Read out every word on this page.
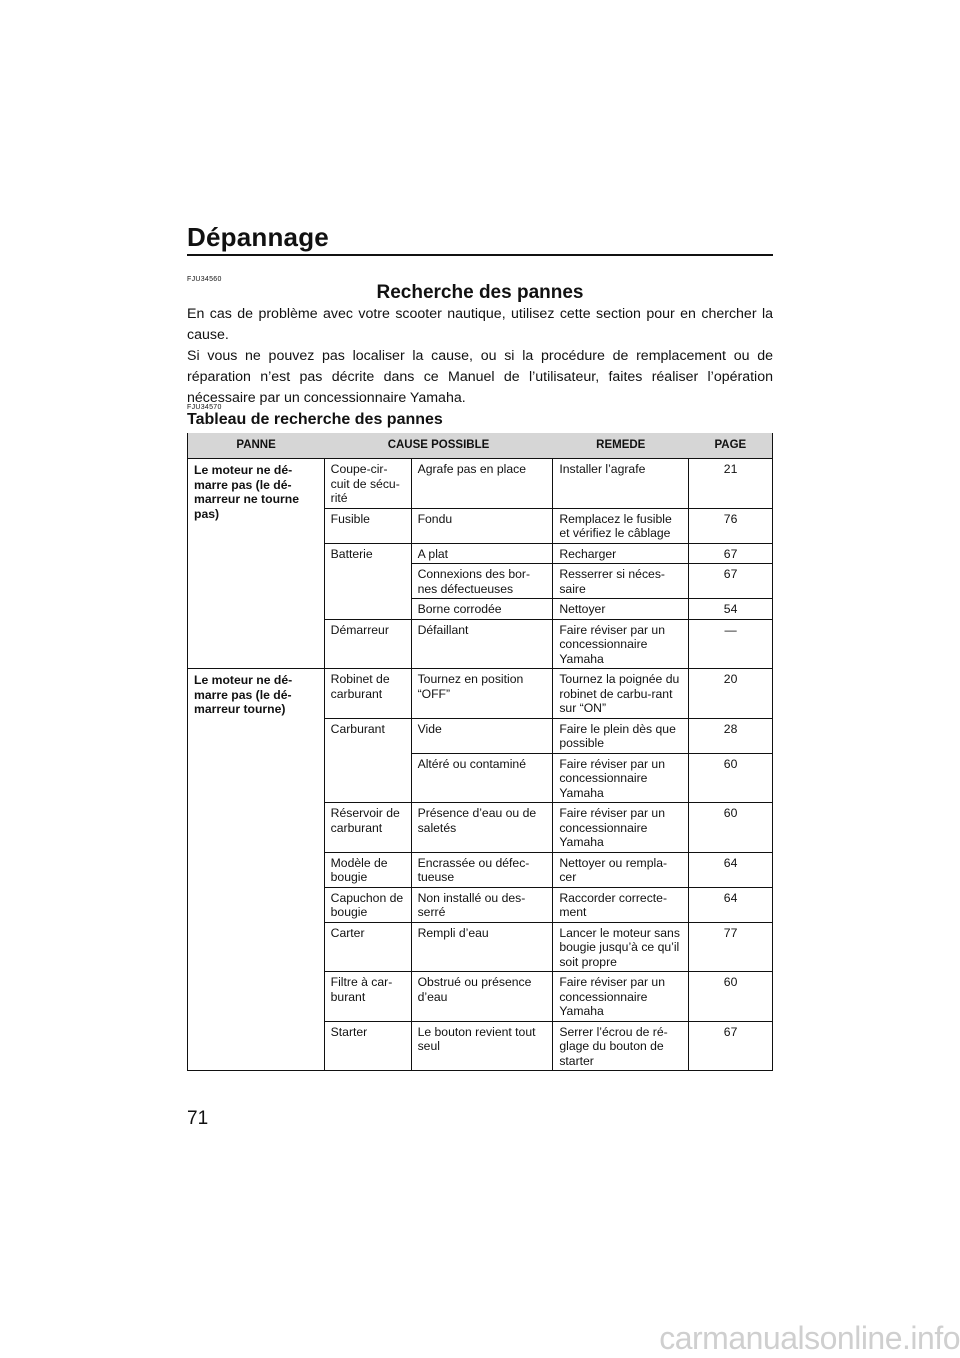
Dépannage
FJU34560
Recherche des pannes

En cas de problème avec votre scooter nautique, utilisez cette section pour en chercher la cause.

Si vous ne pouvez pas localiser la cause, ou si la procédure de remplacement ou de réparation n’est pas décrite dans ce Manuel de l’utilisateur, faites réaliser l’opération nécessaire par un concessionnaire Yamaha.

FJU34570
Tableau de recherche des pannes
PANNE	CAUSE POSSIBLE		REMEDE	PAGE
Le moteur ne dé-marre pas (le dé-marreur ne tourne pas)	Coupe-cir-cuit de sécu-rité	Agrafe pas en place	Installer l’agrafe	21
	Fusible	Fondu	Remplacez le fusible et vérifiez le câblage	76
	Batterie	A plat	Recharger	67
		Connexions des bor-nes défectueuses	Resserrer si néces-saire	67
		Borne corrodée	Nettoyer	54
	Démarreur	Défaillant	Faire réviser par un concessionnaire Yamaha	—
Le moteur ne dé-marre pas (le dé-marreur tourne)	Robinet de carburant	Tournez en position “OFF”	Tournez la poignée du robinet de carbu-rant sur “ON”	20
	Carburant	Vide	Faire le plein dès que possible	28
		Altéré ou contaminé	Faire réviser par un concessionnaire Yamaha	60
	Réservoir de carburant	Présence d’eau ou de saletés	Faire réviser par un concessionnaire Yamaha	60
	Modèle de bougie	Encrassée ou défec-tueuse	Nettoyer ou rempla-cer	64
	Capuchon de bougie	Non installé ou des-serré	Raccorder correcte-ment	64
	Carter	Rempli d’eau	Lancer le moteur sans bougie jusqu’à ce qu’il soit propre	77
	Filtre à car-burant	Obstrué ou présence d’eau	Faire réviser par un concessionnaire Yamaha	60
	Starter	Le bouton revient tout seul	Serrer l’écrou de ré-glage du bouton de starter	67
71
carmanualsonline.info
